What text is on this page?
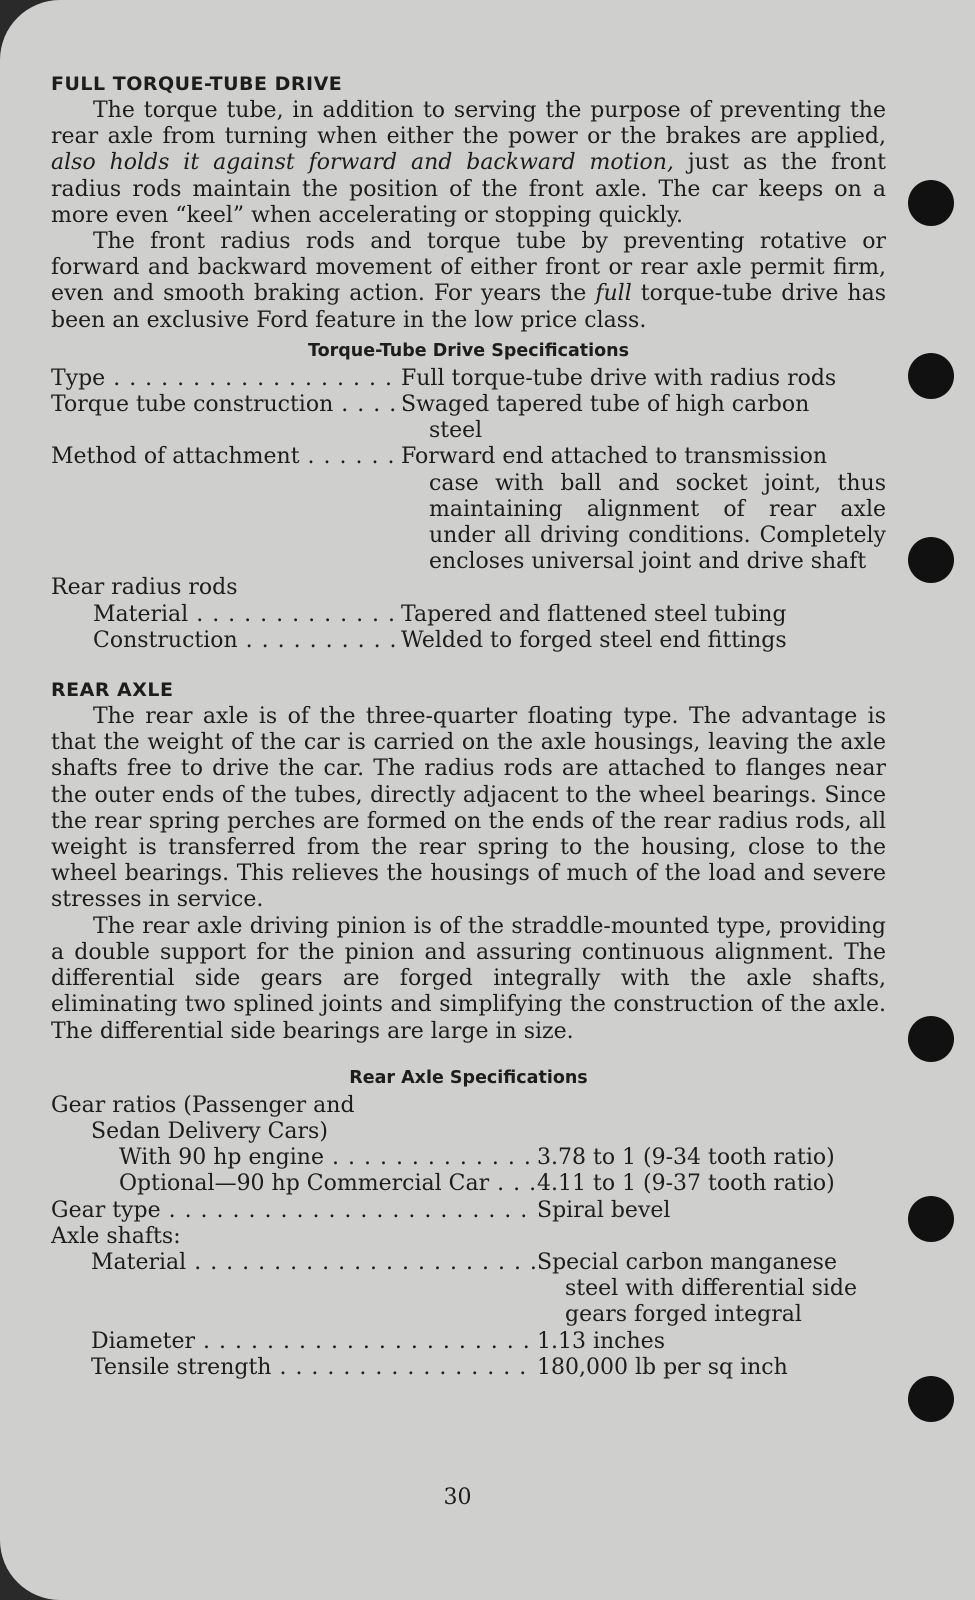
FULL TORQUE-TUBE DRIVE

The torque tube, in addition to serving the purpose of preventing the rear axle from turning when either the power or the brakes are applied, also holds it against forward and backward motion, just as the front radius rods maintain the position of the front axle. The car keeps on a more even “keel” when accelerating or stopping quickly.

The front radius rods and torque tube by preventing rotative or forward and backward movement of either front or rear axle permit firm, even and smooth braking action. For years the full torque-tube drive has been an exclusive Ford feature in the low price class.

Torque-Tube Drive Specifications
Type . . .	Full torque-tube drive with radius rods
Torque tube construction . . .	Swaged tapered tube of high carbon
steel
Method of attachment . . .	Forward end attached to transmission
case with ball and socket joint, thus maintaining alignment of rear axle under all driving conditions. Completely encloses universal joint and drive shaft
Rear radius rods
Material . . .	Tapered and flattened steel tubing
Construction . . .	Welded to forged steel end fittings
REAR AXLE

The rear axle is of the three-quarter floating type. The advantage is that the weight of the car is carried on the axle housings, leaving the axle shafts free to drive the car. The radius rods are attached to flanges near the outer ends of the tubes, directly adjacent to the wheel bearings. Since the rear spring perches are formed on the ends of the rear radius rods, all weight is transferred from the rear spring to the housing, close to the wheel bearings. This relieves the housings of much of the load and severe stresses in service.

The rear axle driving pinion is of the straddle-mounted type, providing a double support for the pinion and assuring continuous alignment. The differential side gears are forged integrally with the axle shafts, eliminating two splined joints and simplifying the construction of the axle. The differential side bearings are large in size.

Rear Axle Specifications
Gear ratios (Passenger and
Sedan Delivery Cars)
With 90 hp engine . . .	3.78 to 1 (9-34 tooth ratio)
Optional—90 hp Commercial Car . . .	4.11 to 1 (9-37 tooth ratio)
Gear type . . .	Spiral bevel
Axle shafts:
Material . . .	Special carbon manganese
steel with differential side gears forged integral
Diameter . . .	1.13 inches
Tensile strength . . .	180,000 lb per sq inch
30
